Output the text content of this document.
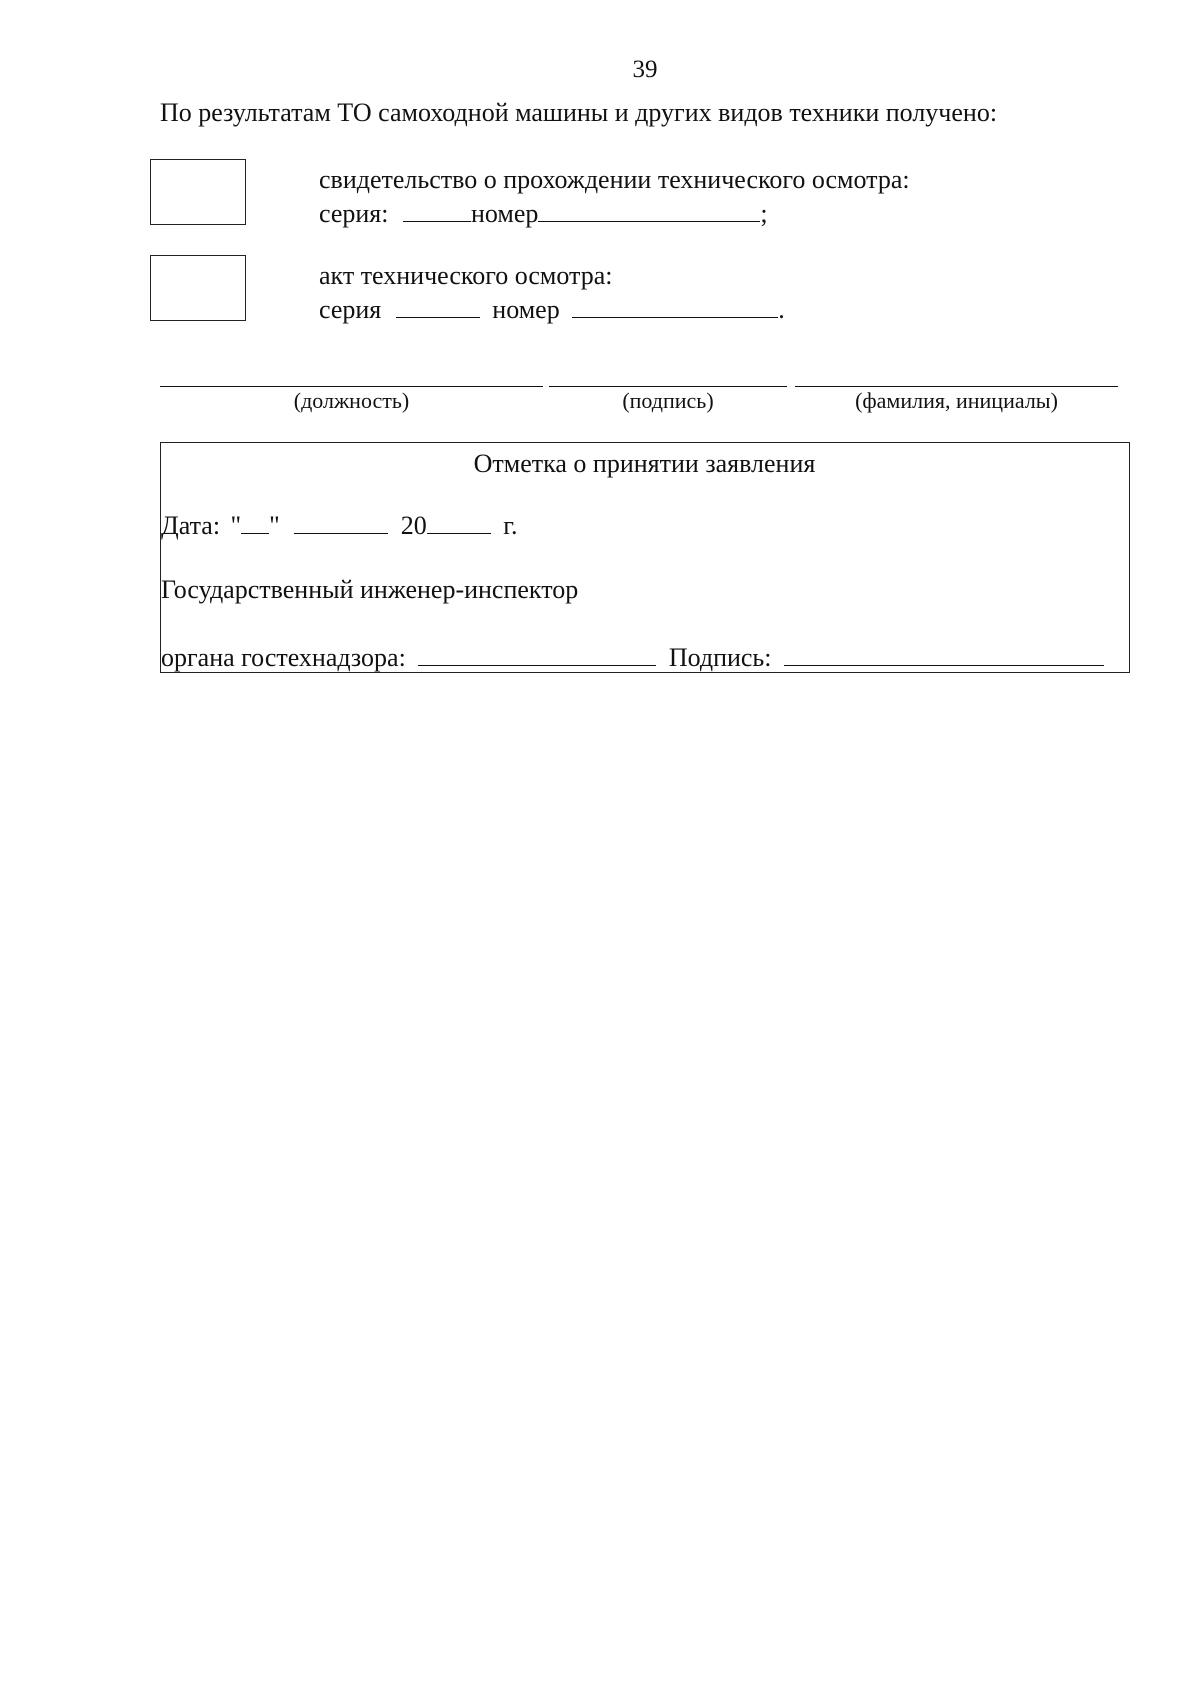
39
По результатам ТО самоходной машины и других видов техники получено:
свидетельство о прохождении технического осмотра:
серия:	номер	;
акт технического осмотра:
серия	номер	.
(должность)	(подпись)	(фамилия, инициалы)
Отметка о принятии заявления
Дата: " "	20	г.
Государственный инженер-инспектор
органа гостехнадзора:	Подпись:
